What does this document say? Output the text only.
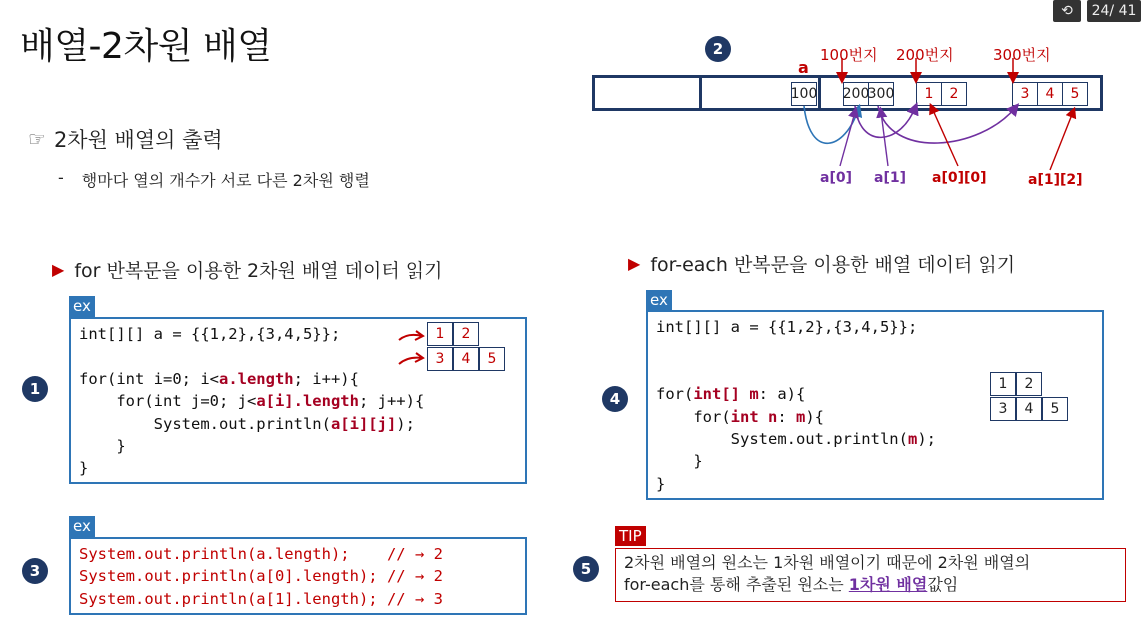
배열-2차원 배열
⟲	24/ 41
☞ 2차원 배열의 출력
- 행마다 열의 개수가 서로 다른 2차원 행렬
2	100번지 200번지	300번지
a
100 200
300	1	2	3	4	5
a[0] a[1] a[0][0]	a[1][2]
▶ for 반복문을 이용한 2차원 배열 데이터 읽기
ex
1
int[][] a = {{1,2},{3,4,5}};

for(int i=0; i<a.length; i++){
for(int j=0; j<a[i].length; j++){
System.out.println(a[i][j]);
}
}
1	2
3	4	5
ex
3
System.out.println(a.length);    // → 2
System.out.println(a[0].length); // → 2
System.out.println(a[1].length); // → 3
▶ for-each 반복문을 이용한 배열 데이터 읽기
ex
4
int[][] a = {{1,2},{3,4,5}};

for(int[] m: a){
for(int n: m){
System.out.println(m);
}
}
1	2
3	4	5
TIP
5	2차원 배열의 원소는 1차원 배열이기 때문에 2차원 배열의
for-each를 통해 추출된 원소는 1차원 배열값임
